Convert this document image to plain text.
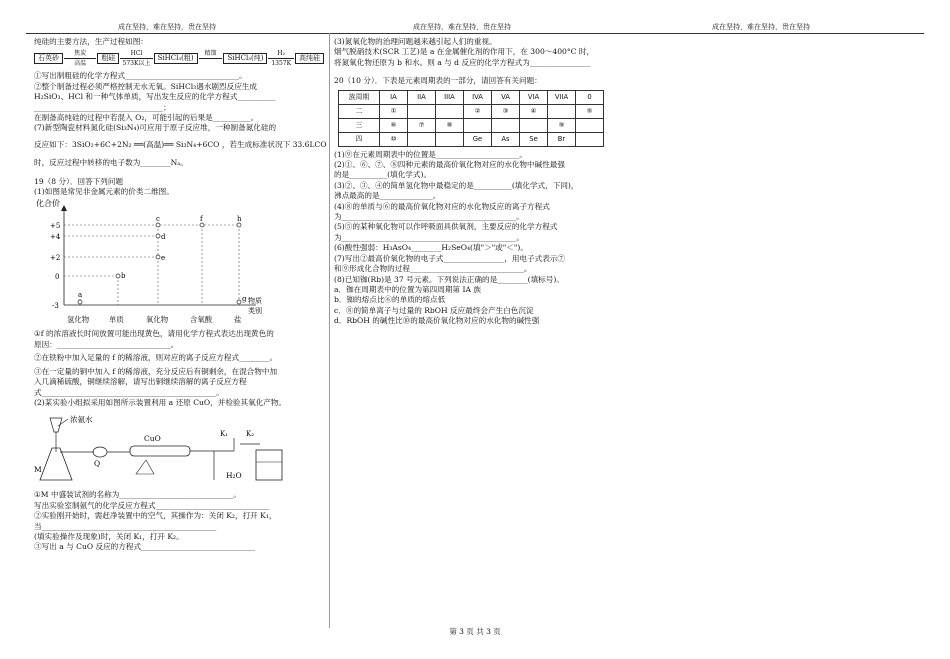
成在坚持，难在坚持，贵在坚持	成在坚持，难在坚持，贵在坚持	成在坚持，难在坚持，贵在坚持

纯硅的主要方法，生产过程如图：

石英砂
焦炭
高温
粗硅
HCl
573K以上
SiHCl₃(粗)
精馏

SiHCl₃(纯)
H₂
1357K
高纯硅

①写出制粗硅的化学方程式______________________________。

②整个制备过程必须严格控制无水无氧。SiHCl₃遇水剧烈反应生成

H₂SiO₃、HCl 和一种气体单质，写出发生反应的化学方程式__________

__________________________________；

在制备高纯硅的过程中若混入 O₂，可能引起的后果是__________。

(7)新型陶瓷材料氮化硅(Si₃N₄)可应用于原子反应堆，一种制备氮化硅的

反应如下：3SiO₂+6C+2N₂ ══(高温)══ Si₃N₄+6CO ，若生成标准状况下 33.6LCO

时，反应过程中转移的电子数为________Nₐ。

19（8 分）．回答下列问题

(1)如图是常见非金属元素的价类二维图。

化合价
+5
+4
+2
0
-3
a
b
c
d
e
f
g
h
物质
类别
氢化物	单质	氧化物	含氧酸	盐

①f 的浓溶液长时间放置可能出现黄色，请用化学方程式表达出现黄色的

原因：______________________________。

②在铁粉中加入足量的 f 的稀溶液，则对应的离子反应方程式________。

③在一定量的铜中加入 f 的稀溶液，充分反应后有铜剩余，在混合物中加

入几滴稀硫酸，铜继续溶解，请写出铜继续溶解的离子反应方程

式______________________________________________。

(2)某实验小组拟采用如图所示装置利用 a 还原 CuO，并检验其氧化产物。

浓氨水
M
Q
CuO	K₁	K₂
H₂O

①M 中盛装试剂的名称为______________________________。

写出实验室制氨气的化学反应方程式______________________________

②实验刚开始时，需赶净装置中的空气，其操作为：关闭 K₂，打开 K₁，

当______________________________________________

(填实验操作及现象)时，关闭 K₁，打开 K₂。

③写出 a 与 CuO 反应的方程式______________________________

(3)氮氧化物的治理问题越来越引起人们的重视。

烟气脱硝技术(SCR 工艺)是 a 在金属催化剂的作用下，在 300～400°C 时，

将氮氧化物还原为 b 和水。则 a 与 d 反应的化学方程式为________________

20（10 分）．下表是元素周期表的一部分，请回答有关问题：

族周期	IA	IIA	IIIA	IVA	VA	VIA	VIIA	0
二	①			②	③	④		⑤
三	⑥	⑦	⑧				⑨	
四	⑩			Ge	As	Se	Br	

(1)⑨在元素周期表中的位置是______________________。

(2)①、⑥、⑦、⑧四种元素的最高价氧化物对应的水化物中碱性最强

的是__________(填化学式)。

(3)②、③、④的简单氢化物中最稳定的是__________(填化学式，下同)，

沸点最高的是______________。

(4)⑧的单质与⑥的最高价氧化物对应的水化物反应的离子方程式

为______________________________________________。

(5)⑤的某种氧化物可以作呼吸面具供氧剂，主要反应的化学方程式

为______________________________________________。

(6)酸性强弱：H₃AsO₄________H₂SeO₄(填"＞"或"＜")。

(7)写出②最高价氧化物的电子式________________，用电子式表示⑦

和⑨形成化合物的过程______________________________。

(8)已知铷(Rb)是 37 号元素。下列说法正确的是________(填标号)。

a．铷在周期表中的位置为第四周期第 IA 族

b．铷的熔点比⑥的单质的熔点低

c．⑧的简单离子与过量的 RbOH 反应最终会产生白色沉淀

d．RbOH 的碱性比⑩的最高价氧化物对应的水化物的碱性强

第 3 页 共 3 页
